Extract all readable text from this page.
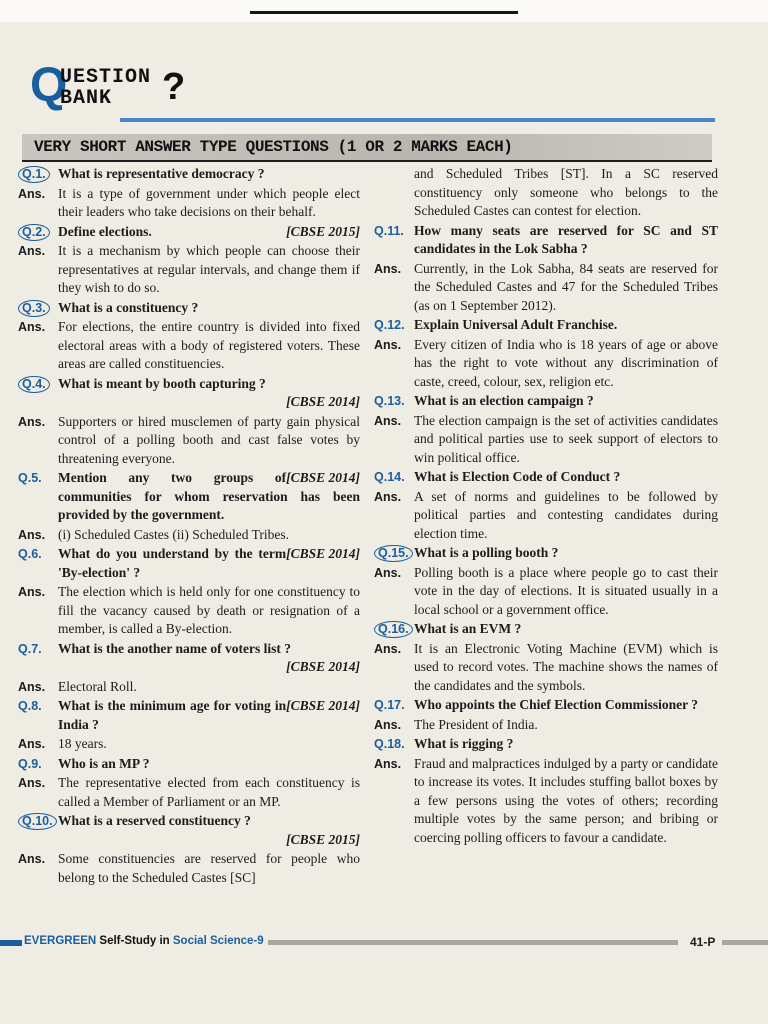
Q
UESTION
BANK ?
VERY SHORT ANSWER TYPE QUESTIONS (1 OR 2 MARKS EACH)
Q.1. What is representative democracy ?
Ans. It is a type of government under which people elect their leaders who take decisions on their behalf.
Q.2.	[CBSE 2015]
Define elections.
Ans. It is a mechanism by which people can choose their representatives at regular intervals, and change them if they wish to do so.
Q.3. What is a constituency ?
Ans. For elections, the entire country is divided into fixed electoral areas with a body of registered voters. These areas are called constituencies.
Q.4. What is meant by booth capturing ?
[CBSE 2014]
Ans. Supporters or hired musclemen of party gain physical control of a polling booth and cast false votes by threatening everyone.
Q.5.	[CBSE 2014]
Mention any two groups of communities for whom reservation has been provided by the government.
Ans. (i) Scheduled Castes (ii) Scheduled Tribes.
Q.6.	[CBSE 2014]
What do you understand by the term 'By-election' ?
Ans. The election which is held only for one constituency to fill the vacancy caused by death or resignation of a member, is called a By-election.
Q.7.	What is the another name of voters list ?
[CBSE 2014]
Ans. Electoral Roll.
Q.8.	[CBSE 2014]
What is the minimum age for voting in India ?
Ans. 18 years.
Q.9.	Who is an MP ?
Ans. The representative elected from each constituency is called a Member of Parliament or an MP.
Q.10. What is a reserved constituency ?
[CBSE 2015]
Ans. Some constituencies are reserved for people who belong to the Scheduled Castes [SC]
and Scheduled Tribes [ST]. In a SC reserved constituency only someone who belongs to the Scheduled Castes can contest for election.
Q.11. How many seats are reserved for SC and ST candidates in the Lok Sabha ?
Ans. Currently, in the Lok Sabha, 84 seats are reserved for the Scheduled Castes and 47 for the Scheduled Tribes (as on 1 September 2012).
Q.12. Explain Universal Adult Franchise.
Ans. Every citizen of India who is 18 years of age or above has the right to vote without any discrimination of caste, creed, colour, sex, religion etc.
Q.13. What is an election campaign ?
Ans. The election campaign is the set of activities candidates and political parties use to seek support of electors to win political office.
Q.14. What is Election Code of Conduct ?
Ans. A set of norms and guidelines to be followed by political parties and contesting candidates during election time.
Q.15. What is a polling booth ?
Ans. Polling booth is a place where people go to cast their vote in the day of elections. It is situated usually in a local school or a government office.
Q.16. What is an EVM ?
Ans. It is an Electronic Voting Machine (EVM) which is used to record votes. The machine shows the names of the candidates and the symbols.
Q.17. Who appoints the Chief Election Commissioner ?
Ans. The President of India.
Q.18. What is rigging ?
Ans. Fraud and malpractices indulged by a party or candidate to increase its votes. It includes stuffing ballot boxes by a few persons using the votes of others; recording multiple votes by the same person; and bribing or coercing polling officers to favour a candidate.
EVERGREEN Self-Study in Social Science-9	41-P
